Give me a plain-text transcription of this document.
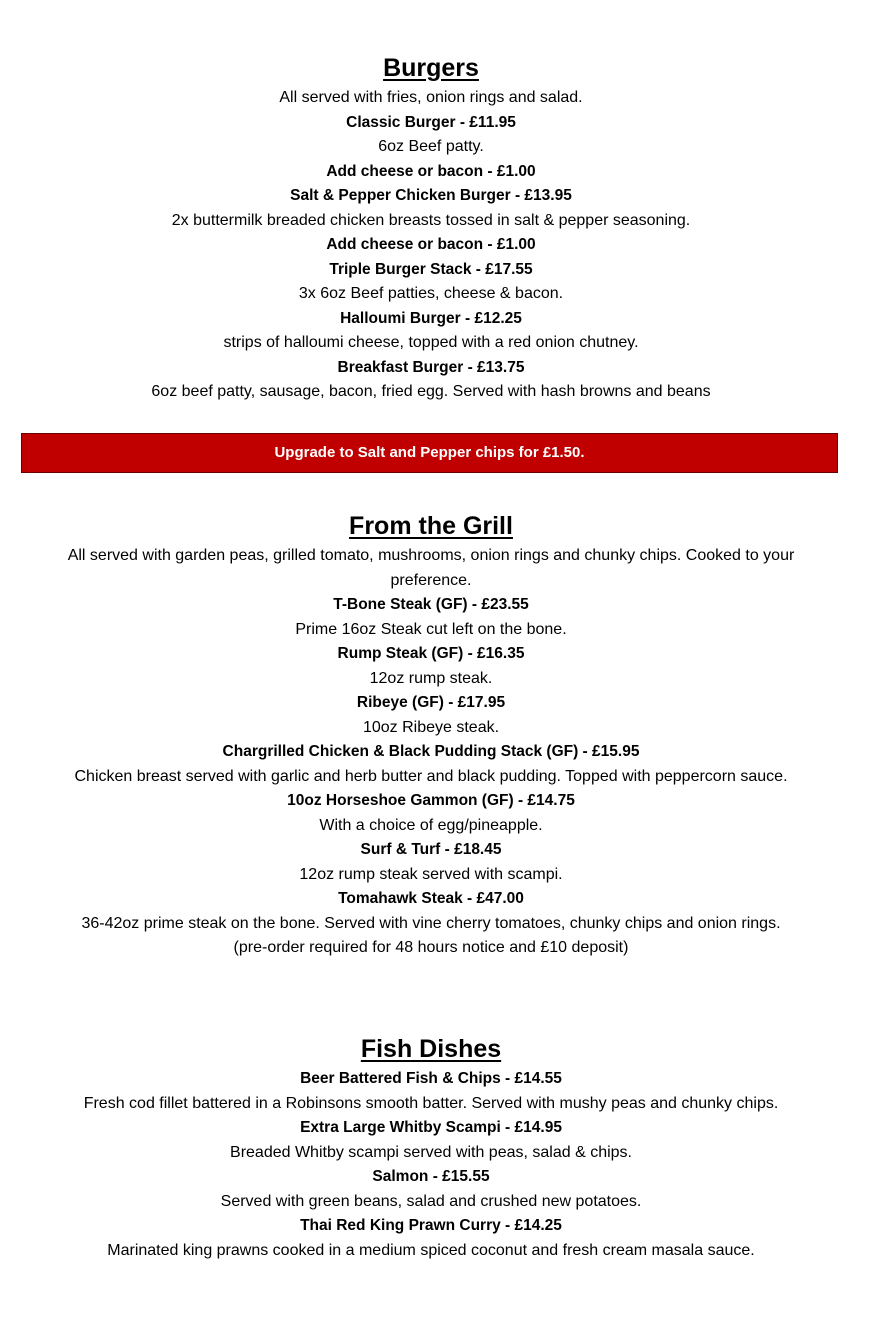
Burgers
All served with fries, onion rings and salad.
Classic Burger - £11.95
6oz Beef patty.
Add cheese or bacon - £1.00
Salt & Pepper Chicken Burger - £13.95
2x buttermilk breaded chicken breasts tossed in salt & pepper seasoning.
Add cheese or bacon - £1.00
Triple Burger Stack - £17.55
3x 6oz Beef patties, cheese & bacon.
Halloumi Burger - £12.25
strips of halloumi cheese, topped with a red onion chutney.
Breakfast Burger - £13.75
6oz beef patty, sausage, bacon, fried egg. Served with hash browns and beans
Upgrade to Salt and Pepper chips for £1.50.
From the Grill
All served with garden peas, grilled tomato, mushrooms, onion rings and chunky chips. Cooked to your preference.
T-Bone Steak (GF) - £23.55
Prime 16oz Steak cut left on the bone.
Rump Steak (GF) - £16.35
12oz rump steak.
Ribeye (GF) - £17.95
10oz Ribeye steak.
Chargrilled Chicken & Black Pudding Stack (GF) - £15.95
Chicken breast served with garlic and herb butter and black pudding. Topped with peppercorn sauce.
10oz Horseshoe Gammon (GF) - £14.75
With a choice of egg/pineapple.
Surf & Turf - £18.45
12oz rump steak served with scampi.
Tomahawk Steak - £47.00
36-42oz prime steak on the bone. Served with vine cherry tomatoes, chunky chips and onion rings.
(pre-order required for 48 hours notice and £10 deposit)
Fish Dishes
Beer Battered Fish & Chips - £14.55
Fresh cod fillet battered in a Robinsons smooth batter. Served with mushy peas and chunky chips.
Extra Large Whitby Scampi - £14.95
Breaded Whitby scampi served with peas, salad & chips.
Salmon - £15.55
Served with green beans, salad and crushed new potatoes.
Thai Red King Prawn Curry - £14.25
Marinated king prawns cooked in a medium spiced coconut and fresh cream masala sauce.
